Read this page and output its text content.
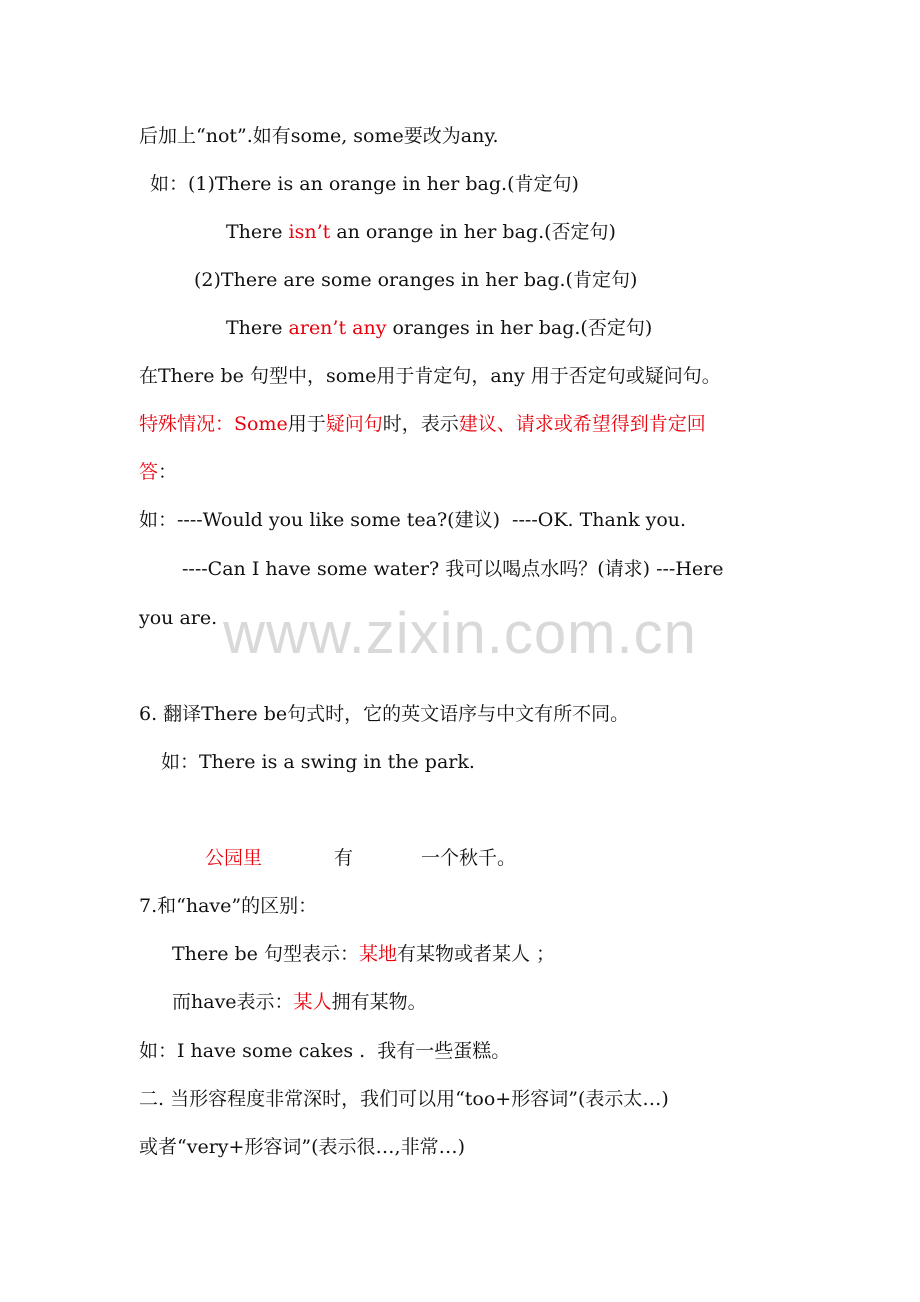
后加上“not”.如有some, some要改为any.
如：(1)There is an orange in her bag.(肯定句)
There isn’t an orange in her bag.(否定句)
(2)There are some oranges in her bag.(肯定句)
There aren’t any oranges in her bag.(否定句)
在There be 句型中，some用于肯定句，any 用于否定句或疑问句。
特殊情况：Some用于疑问句时，表示建议、请求或希望得到肯定回
答：
如：----Would you like some tea?(建议)  ----OK. Thank you.
----Can I have some water? 我可以喝点水吗？(请求) ---Here
you are. www.zixin.com.cn
6. 翻译There be句式时，它的英文语序与中文有所不同。
如：There is a swing in the park.
公园里	有	一个秋千。
7.和“have”的区别：
There be 句型表示：某地有某物或者某人 ；
而have表示：某人拥有某物。
如：I have some cakes .  我有一些蛋糕。
二. 当形容程度非常深时，我们可以用“too+形容词”(表示太…)
或者“very+形容词”(表示很…,非常…)
